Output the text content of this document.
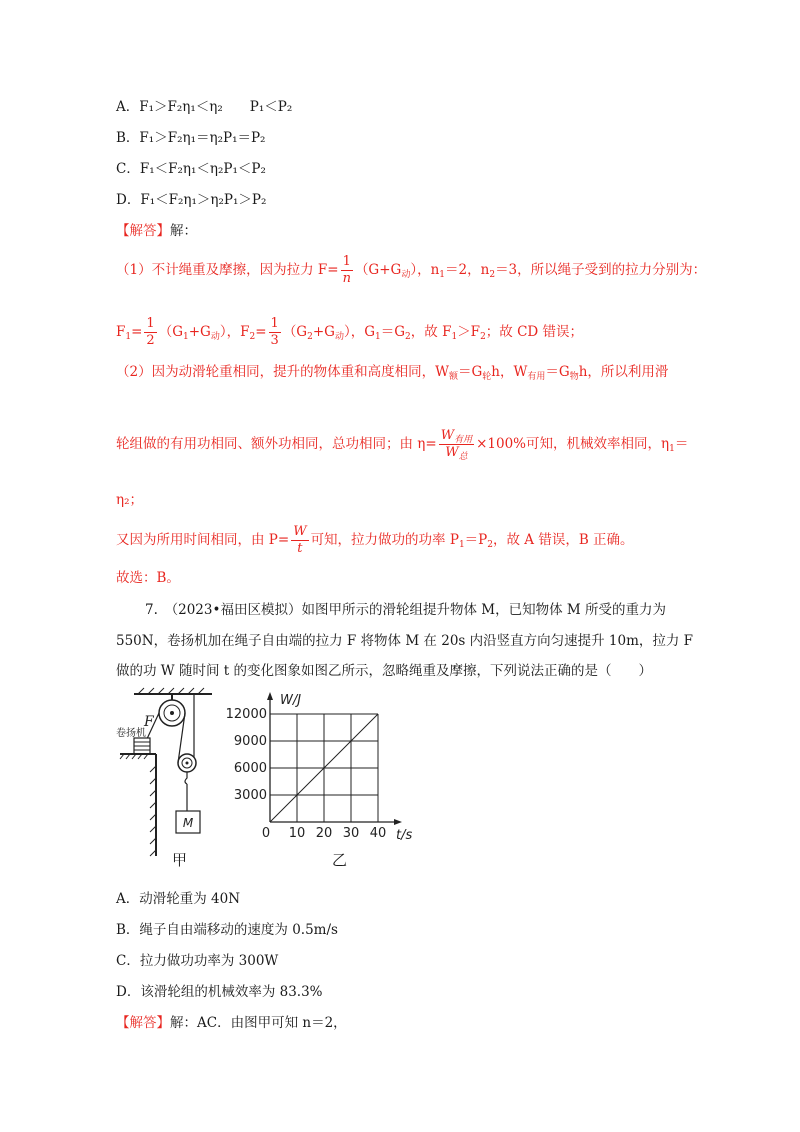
A．F₁＞F₂η₁＜η₂　　P₁＜P₂
B．F₁＞F₂η₁＝η₂P₁＝P₂
C．F₁＜F₂η₁＜η₂P₁＜P₂
D．F₁＜F₂η₁＞η₂P₁＞P₂
【解答】解：
（1）不计绳重及摩擦，因为拉力 $F= \frac{1}{n} (G+G_动)$，$n_1=2$，$n_2=3$，所以绳子受到的拉力分别为：
$F_1= \frac{1}{2} (G_1+G_动)$，$F_2= \frac{1}{3} (G_2+G_动)$，$G_1=G_2$，故 $F_1>F_2$；故 CD 错误；
（2）因为动滑轮重相同，提升的物体重和高度相同，$W_额=G_轮h$，$W_{有用}=G_物h$，所以利用滑
轮组做的有用功相同、额外功相同，总功相同；由 $\eta= \frac{W_{有用}}{W_总} \times 100\%$可知，机械效率相同，$\eta_1=$
η₂；
又因为所用时间相同，由 $P= \frac{W}{t}$ 可知，拉力做功的功率 $P_1=P_2$，故 A 错误，B 正确。
故选：B。
7.　（2023•福田区模拟）如图甲所示的滑轮组提升物体 M，已知物体 M 所受的重力为
550N，卷扬机加在绳子自由端的拉力 F 将物体 M 在 20s 内沿竖直方向匀速提升 10m，拉力 F
做的功 W 随时间 t 的变化图象如图乙所示，忽略绳重及摩擦，下列说法正确的是（　　）
M
F
卷扬机
甲
0 10 20 30 40
3000
6000
9000
12000
W/J
t/s
乙
A．动滑轮重为 40N
B．绳子自由端移动的速度为 0.5m/s
C．拉力做功功率为 300W
D．该滑轮组的机械效率为 83.3%
【解答】解：AC．由图甲可知 n＝2，
